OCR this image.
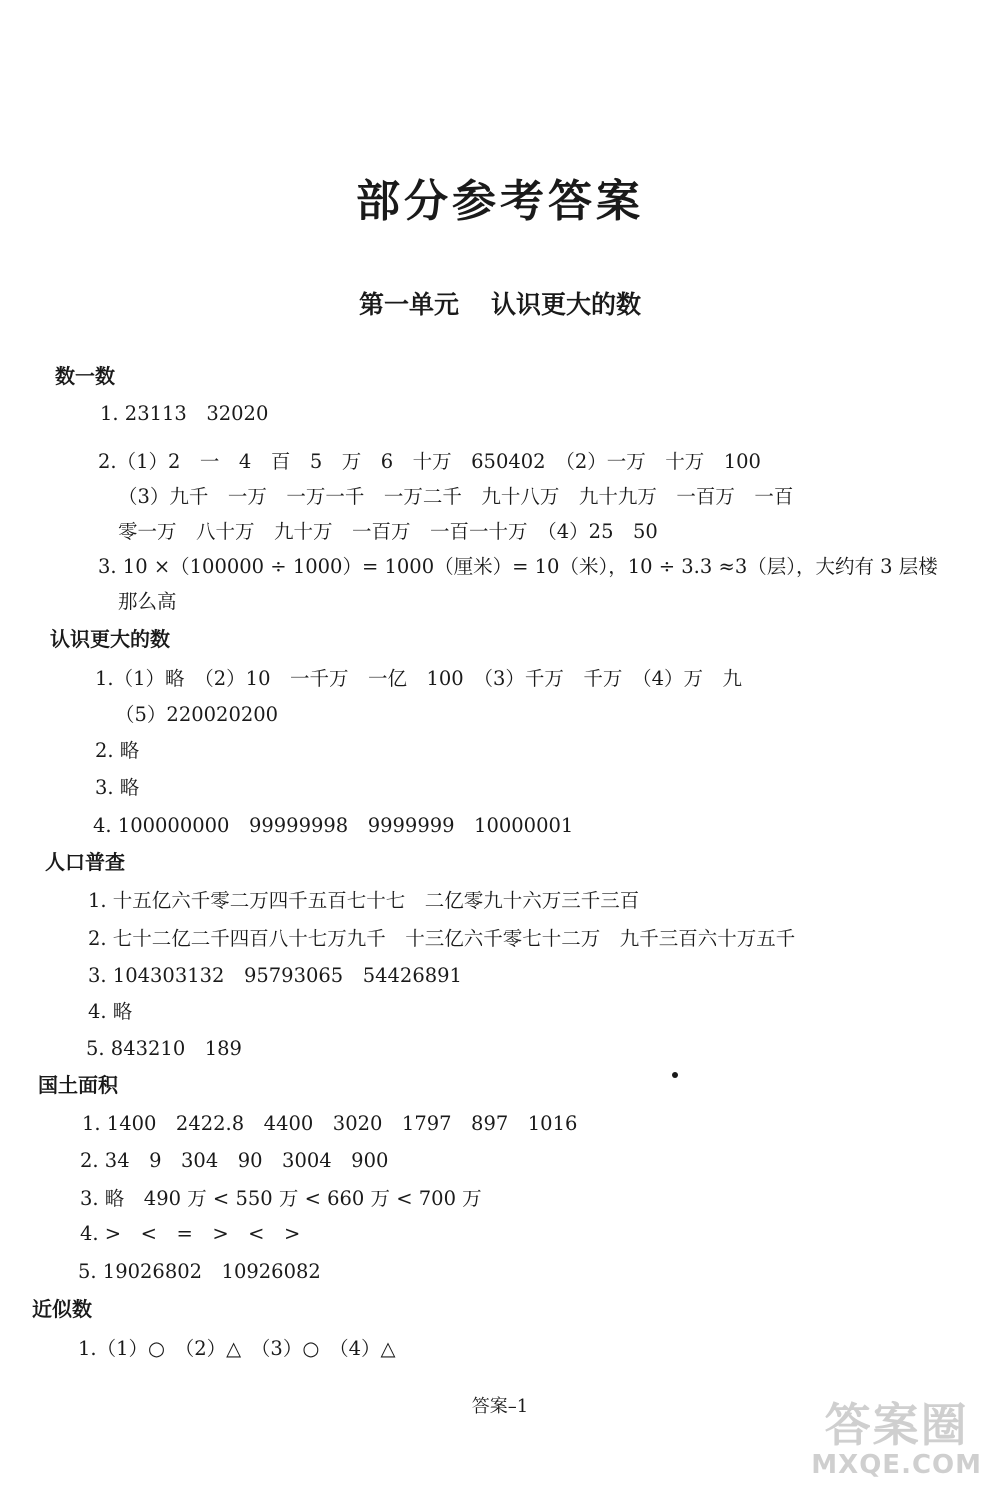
部分参考答案
第一单元 认识更大的数
数一数
1. 23113　32020
2.（1）2　一　4　百　5　万　6　十万　650402　（2）一万　十万　100
（3）九千　一万　一万一千　一万二千　九十八万　九十九万　一百万　一百
零一万　八十万　九十万　一百万　一百一十万　（4）25　50
3. 10 ×（100000 ÷ 1000）= 1000（厘米）= 10（米），10 ÷ 3.3 ≈3（层），大约有 3 层楼
那么高
认识更大的数
1.（1）略　（2）10　一千万　一亿　100　（3）千万　千万　（4）万　九
（5）220020200
2. 略
3. 略
4. 100000000　99999998　9999999　10000001
人口普查
1. 十五亿六千零二万四千五百七十七　二亿零九十六万三千三百
2. 七十二亿二千四百八十七万九千　十三亿六千零七十二万　九千三百六十万五千
3. 104303132　95793065　54426891
4. 略
5. 843210　189
国土面积
1. 1400　2422.8　4400　3020　1797　897　1016
2. 34　9　304　90　3004　900
3. 略　490 万 < 550 万 < 660 万 < 700 万
4. >　<　=　>　<　>
5. 19026802　10926082
近似数
1.（1）○　（2）△　（3）○　（4）△
答案–1	答案圈
MXQE.COM
